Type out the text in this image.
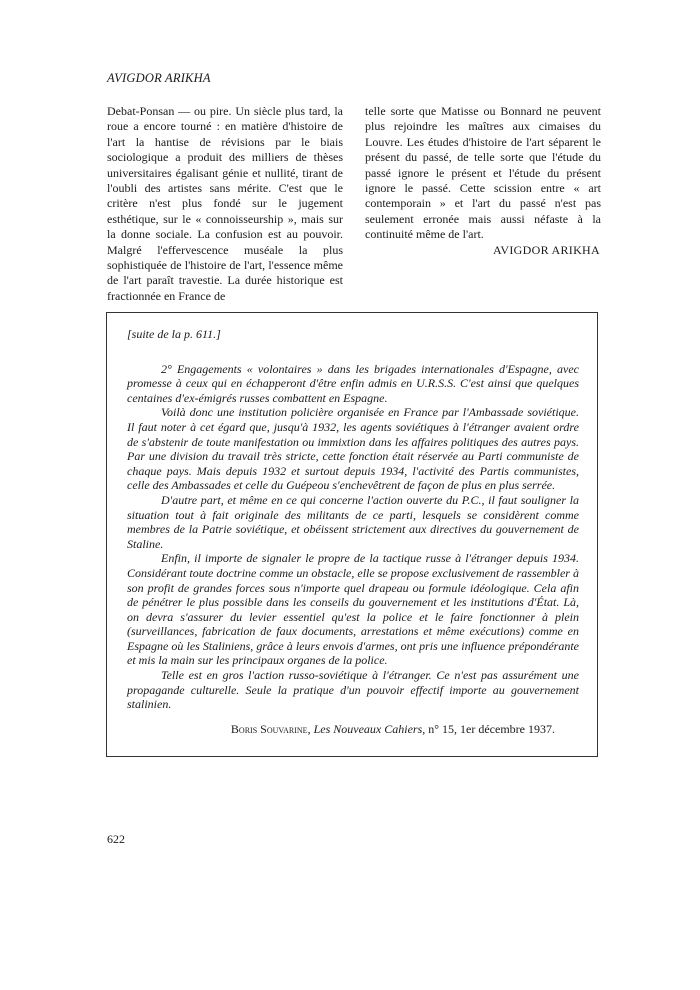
AVIGDOR ARIKHA

Debat-Ponsan — ou pire. Un siècle plus tard, la roue a encore tourné : en matière d'histoire de l'art la hantise de révisions par le biais sociologique a produit des milliers de thèses universitaires égalisant génie et nullité, tirant de l'oubli des artistes sans mérite. C'est que le critère n'est plus fondé sur le jugement esthétique, sur le « connoisseurship », mais sur la donne sociale. La confusion est au pouvoir. Malgré l'effervescence muséale la plus sophistiquée de l'histoire de l'art, l'essence même de l'art paraît travestie. La durée historique est fractionnée en France de

telle sorte que Matisse ou Bonnard ne peuvent plus rejoindre les maîtres aux cimaises du Louvre. Les études d'histoire de l'art séparent le présent du passé, de telle sorte que l'étude du passé ignore le présent et l'étude du présent ignore le passé. Cette scission entre « art contemporain » et l'art du passé n'est pas seulement erronée mais aussi néfaste à la continuité même de l'art.

AVIGDOR ARIKHA

[suite de la p. 611.]

2° Engagements « volontaires » dans les brigades internationales d'Espagne, avec promesse à ceux qui en échapperont d'être enfin admis en U.R.S.S. C'est ainsi que quelques centaines d'ex-émigrés russes combattent en Espagne.

Voilà donc une institution policière organisée en France par l'Ambassade soviétique. Il faut noter à cet égard que, jusqu'à 1932, les agents soviétiques à l'étranger avaient ordre de s'abstenir de toute manifestation ou immixtion dans les affaires politiques des autres pays. Par une division du travail très stricte, cette fonction était réservée au Parti communiste de chaque pays. Mais depuis 1932 et surtout depuis 1934, l'activité des Partis communistes, celle des Ambassades et celle du Guépeou s'enchevêtrent de façon de plus en plus serrée.

D'autre part, et même en ce qui concerne l'action ouverte du P.C., il faut souligner la situation tout à fait originale des militants de ce parti, lesquels se considèrent comme membres de la Patrie soviétique, et obéissent strictement aux directives du gouvernement de Staline.

Enfin, il importe de signaler le propre de la tactique russe à l'étranger depuis 1934. Considérant toute doctrine comme un obstacle, elle se propose exclusivement de rassembler à son profit de grandes forces sous n'importe quel drapeau ou formule idéologique. Cela afin de pénétrer le plus possible dans les conseils du gouvernement et les institutions d'État. Là, on devra s'assurer du levier essentiel qu'est la police et le faire fonctionner à plein (surveillances, fabrication de faux documents, arrestations et même exécutions) comme en Espagne où les Staliniens, grâce à leurs envois d'armes, ont pris une influence prépondérante et mis la main sur les principaux organes de la police.

Telle est en gros l'action russo-soviétique à l'étranger. Ce n'est pas assurément une propagande culturelle. Seule la pratique d'un pouvoir effectif importe au gouvernement stalinien.

Boris Souvarine, Les Nouveaux Cahiers, n° 15, 1er décembre 1937.

622
